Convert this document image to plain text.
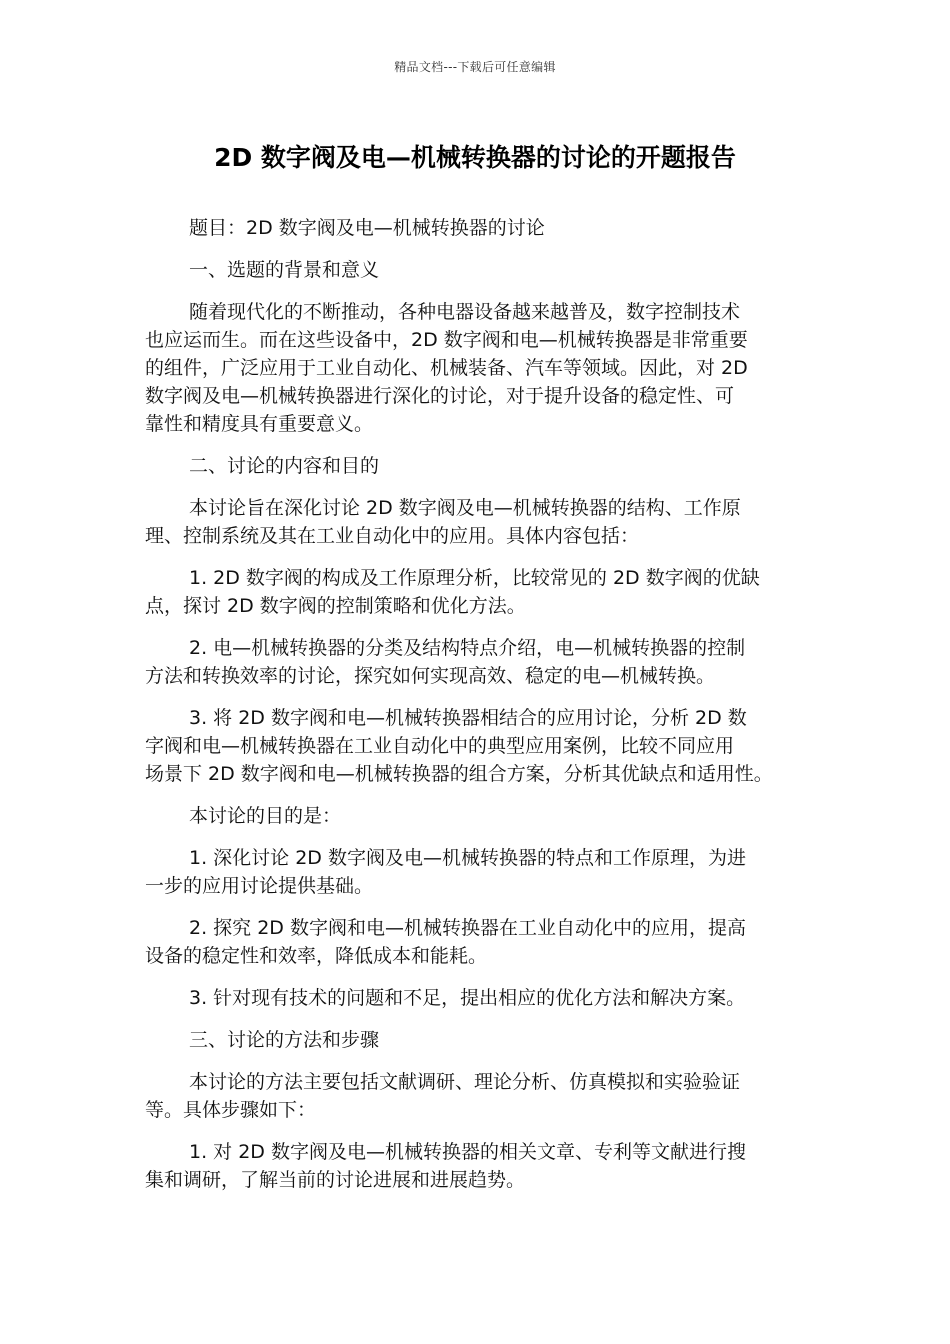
精品文档---下载后可任意编辑
2D 数字阀及电—机械转换器的讨论的开题报告

题目：2D 数字阀及电—机械转换器的讨论

一、选题的背景和意义

随着现代化的不断推动，各种电器设备越来越普及，数字控制技术
也应运而生。而在这些设备中，2D 数字阀和电—机械转换器是非常重要
的组件，广泛应用于工业自动化、机械装备、汽车等领域。因此，对 2D
数字阀及电—机械转换器进行深化的讨论，对于提升设备的稳定性、可
靠性和精度具有重要意义。

二、讨论的内容和目的

本讨论旨在深化讨论 2D 数字阀及电—机械转换器的结构、工作原
理、控制系统及其在工业自动化中的应用。具体内容包括：

1. 2D 数字阀的构成及工作原理分析，比较常见的 2D 数字阀的优缺
点，探讨 2D 数字阀的控制策略和优化方法。

2. 电—机械转换器的分类及结构特点介绍，电—机械转换器的控制
方法和转换效率的讨论，探究如何实现高效、稳定的电—机械转换。

3. 将 2D 数字阀和电—机械转换器相结合的应用讨论，分析 2D 数
字阀和电—机械转换器在工业自动化中的典型应用案例，比较不同应用
场景下 2D 数字阀和电—机械转换器的组合方案，分析其优缺点和适用性。

本讨论的目的是：

1. 深化讨论 2D 数字阀及电—机械转换器的特点和工作原理，为进
一步的应用讨论提供基础。

2. 探究 2D 数字阀和电—机械转换器在工业自动化中的应用，提高
设备的稳定性和效率，降低成本和能耗。

3. 针对现有技术的问题和不足，提出相应的优化方法和解决方案。

三、讨论的方法和步骤

本讨论的方法主要包括文献调研、理论分析、仿真模拟和实验验证
等。具体步骤如下：

1. 对 2D 数字阀及电—机械转换器的相关文章、专利等文献进行搜
集和调研，了解当前的讨论进展和进展趋势。
